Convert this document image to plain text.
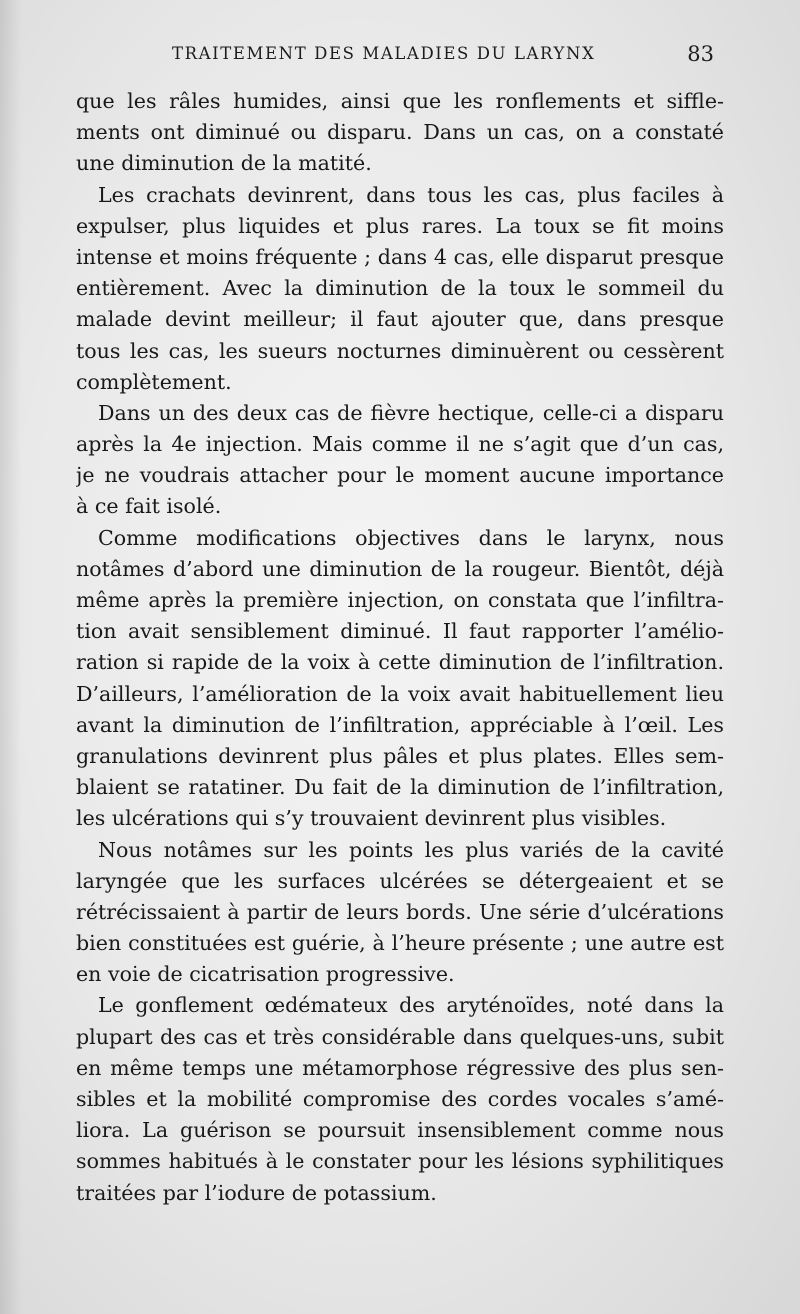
TRAITEMENT DES MALADIES DU LARYNX	83
que les râles humides, ainsi que les ronflements et siffle-
ments ont diminué ou disparu. Dans un cas, on a constaté
une diminution de la matité.
Les crachats devinrent, dans tous les cas, plus faciles à
expulser, plus liquides et plus rares. La toux se fit moins
intense et moins fréquente ; dans 4 cas, elle disparut presque
entièrement. Avec la diminution de la toux le sommeil du
malade devint meilleur; il faut ajouter que, dans presque
tous les cas, les sueurs nocturnes diminuèrent ou cessèrent
complètement.
Dans un des deux cas de fièvre hectique, celle-ci a disparu
après la 4e injection. Mais comme il ne s’agit que d’un cas,
je ne voudrais attacher pour le moment aucune importance
à ce fait isolé.
Comme modifications objectives dans le larynx, nous
notâmes d’abord une diminution de la rougeur. Bientôt, déjà
même après la première injection, on constata que l’infiltra-
tion avait sensiblement diminué. Il faut rapporter l’amélio-
ration si rapide de la voix à cette diminution de l’infiltration.
D’ailleurs, l’amélioration de la voix avait habituellement lieu
avant la diminution de l’infiltration, appréciable à l’œil. Les
granulations devinrent plus pâles et plus plates. Elles sem-
blaient se ratatiner. Du fait de la diminution de l’infiltration,
les ulcérations qui s’y trouvaient devinrent plus visibles.
Nous notâmes sur les points les plus variés de la cavité
laryngée que les surfaces ulcérées se détergeaient et se
rétrécissaient à partir de leurs bords. Une série d’ulcérations
bien constituées est guérie, à l’heure présente ; une autre est
en voie de cicatrisation progressive.
Le gonflement œdémateux des aryténoïdes, noté dans la
plupart des cas et très considérable dans quelques-uns, subit
en même temps une métamorphose régressive des plus sen-
sibles et la mobilité compromise des cordes vocales s’amé-
liora. La guérison se poursuit insensiblement comme nous
sommes habitués à le constater pour les lésions syphilitiques
traitées par l’iodure de potassium.
